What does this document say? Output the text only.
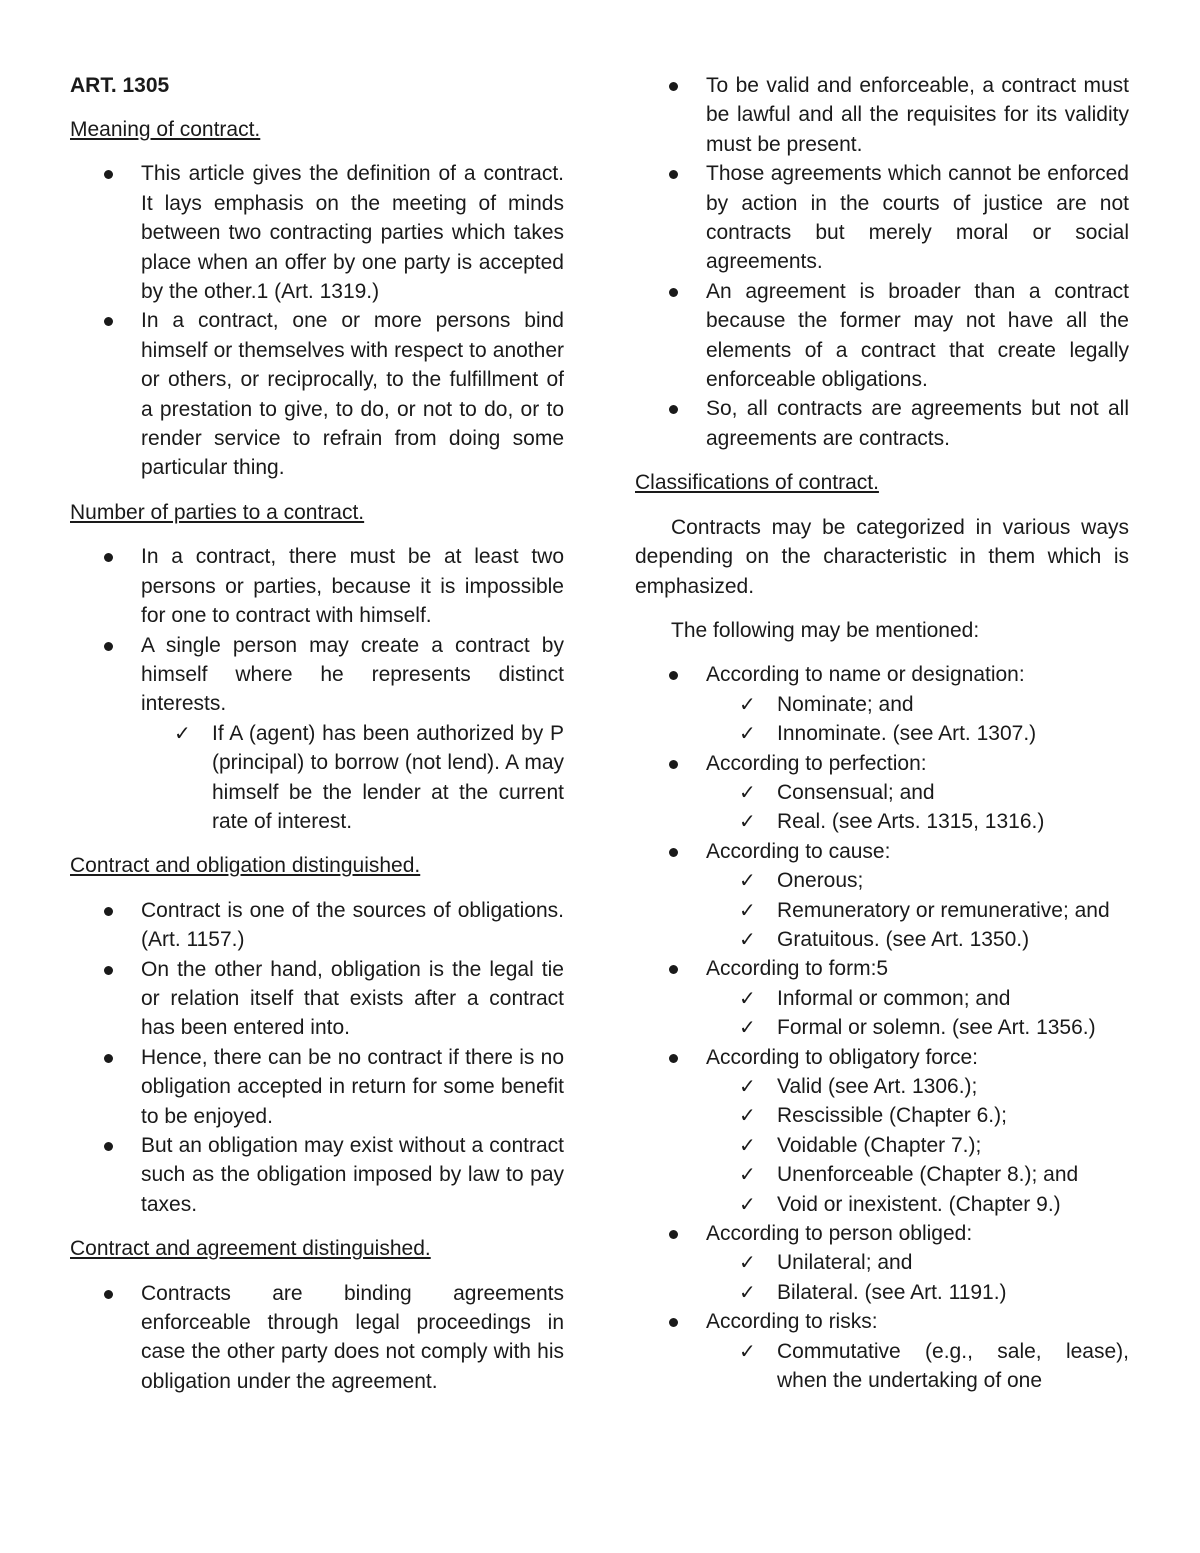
ART. 1305
Meaning of contract.
This article gives the definition of a contract. It lays emphasis on the meeting of minds between two contracting parties which takes place when an offer by one party is accepted by the other.1 (Art. 1319.)
In a contract, one or more persons bind himself or themselves with respect to another or others, or reciprocally, to the fulfillment of a prestation to give, to do, or not to do, or to render service to refrain from doing some particular thing.
Number of parties to a contract.
In a contract, there must be at least two persons or parties, because it is impossible for one to contract with himself.
A single person may create a contract by himself where he represents distinct interests.
✓ If A (agent) has been authorized by P (principal) to borrow (not lend). A may himself be the lender at the current rate of interest.
Contract and obligation distinguished.
Contract is one of the sources of obligations. (Art. 1157.)
On the other hand, obligation is the legal tie or relation itself that exists after a contract has been entered into.
Hence, there can be no contract if there is no obligation accepted in return for some benefit to be enjoyed.
But an obligation may exist without a contract such as the obligation imposed by law to pay taxes.
Contract and agreement distinguished.
Contracts are binding agreements enforceable through legal proceedings in case the other party does not comply with his obligation under the agreement.
To be valid and enforceable, a contract must be lawful and all the requisites for its validity must be present.
Those agreements which cannot be enforced by action in the courts of justice are not contracts but merely moral or social agreements.
An agreement is broader than a contract because the former may not have all the elements of a contract that create legally enforceable obligations.
So, all contracts are agreements but not all agreements are contracts.
Classifications of contract.

Contracts may be categorized in various ways depending on the characteristic in them which is emphasized.

The following may be mentioned:

According to name or designation:
✓ Nominate; and
✓ Innominate. (see Art. 1307.)
According to perfection:
✓ Consensual; and
✓ Real. (see Arts. 1315, 1316.)
According to cause:
✓ Onerous;
✓ Remuneratory or remunerative; and
✓ Gratuitous. (see Art. 1350.)
According to form:5
✓ Informal or common; and
✓ Formal or solemn. (see Art. 1356.)
According to obligatory force:
✓ Valid (see Art. 1306.);
✓ Rescissible (Chapter 6.);
✓ Voidable (Chapter 7.);
✓ Unenforceable (Chapter 8.); and
✓ Void or inexistent. (Chapter 9.)
According to person obliged:
✓ Unilateral; and
✓ Bilateral. (see Art. 1191.)
According to risks:
✓ Commutative (e.g., sale, lease), when the undertaking of one
